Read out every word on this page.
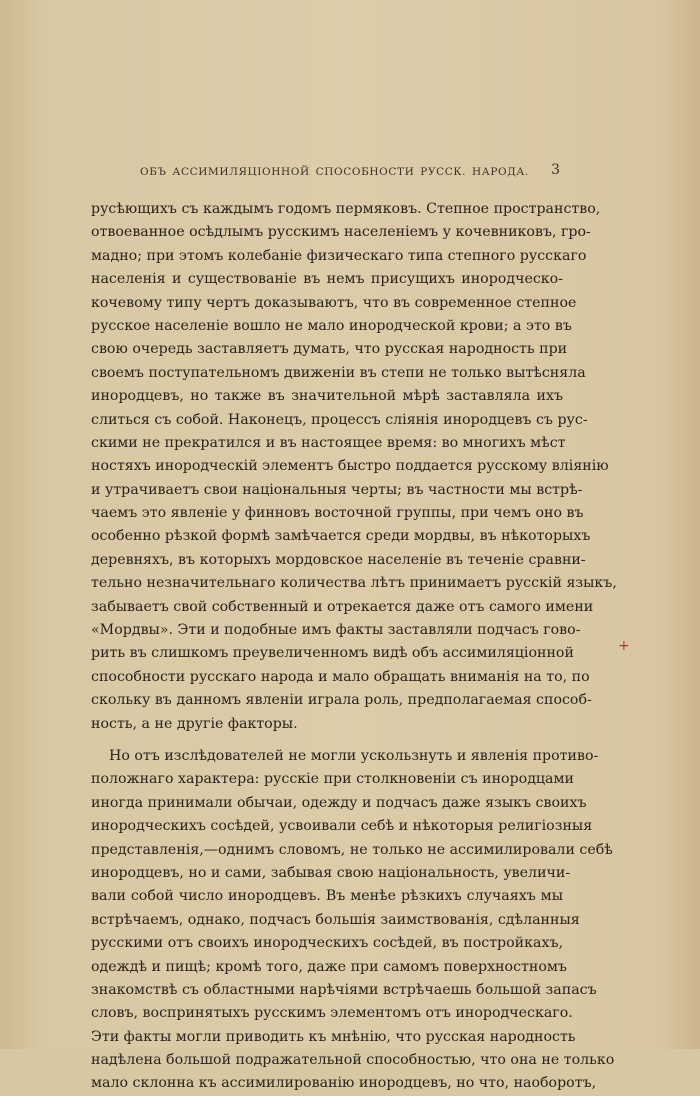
ОБЪ АССИМИЛЯЦІОННОЙ СПОСОБНОСТИ РУСCК. НАРОДА. 3
русѣющихъ съ каждымъ годомъ пермяковъ. Степное пространство,
отвоеванное осѣдлымъ русскимъ населеніемъ у кочевниковъ, гро-
мадно; при этомъ колебаніе физическаго типа степного русскаго
населенія и существованіе въ немъ присущихъ инородческо-
кочевому типу чертъ доказываютъ, что въ современное степное
русское населеніе вошло не мало инородческой крови; а это въ
свою очередь заставляетъ думать, что русская народность при
своемъ поступательномъ движеніи въ степи не только вытѣсняла
инородцевъ, но также въ значительной мѣрѣ заставляла ихъ
слиться съ собой. Наконецъ, процессъ сліянія инородцевъ съ рус-
скими не прекратился и въ настоящее время: во многихъ мѣст
ностяхъ инородческій элементъ быстро поддается русскому вліянію
и утрачиваетъ свои національныя черты; въ частности мы встрѣ-
чаемъ это явленіе у финновъ восточной группы, при чемъ оно въ
особенно рѣзкой формѣ замѣчается среди мордвы, въ нѣкоторыхъ
деревняхъ, въ которыхъ мордовское населеніе въ теченіе сравни-
тельно незначительнаго количества лѣтъ принимаетъ русскій языкъ,
забываетъ свой собственный и отрекается даже отъ самого имени
«Мордвы». Эти и подобные имъ факты заставляли подчасъ гово-
рить въ слишкомъ преувеличенномъ видѣ объ ассимиляціонной
способности русскаго народа и мало обращать вниманія на то, по
скольку въ данномъ явленіи играла роль, предполагаемая способ-
ность, а не другіе факторы.
Но отъ изслѣдователей не могли ускользнуть и явленія противо-
положнаго характера: русскіе при столкновеніи съ инородцами
иногда принимали обычаи, одежду и подчасъ даже языкъ своихъ
инородческихъ сосѣдей, усвоивали себѣ и нѣкоторыя религіозныя
представленія,—однимъ словомъ, не только не ассимилировали себѣ
инородцевъ, но и сами, забывая свою національность, увеличи-
вали собой число инородцевъ. Въ менѣе рѣзкихъ случаяхъ мы
встрѣчаемъ, однако, подчасъ большія заимствованія, сдѣланныя
русскими отъ своихъ инородческихъ сосѣдей, въ постройкахъ,
одеждѣ и пищѣ; кромѣ того, даже при самомъ поверхностномъ
знакомствѣ съ областными нарѣчіями встрѣчаешь большой запасъ
словъ, воспринятыхъ русскимъ элементомъ отъ инородческаго.
Эти факты могли приводить къ мнѣнію, что русская народность
надѣлена большой подражательной способностью, что она не только
мало склонна къ ассимилированію инородцевъ, но что, наоборотъ,
+
